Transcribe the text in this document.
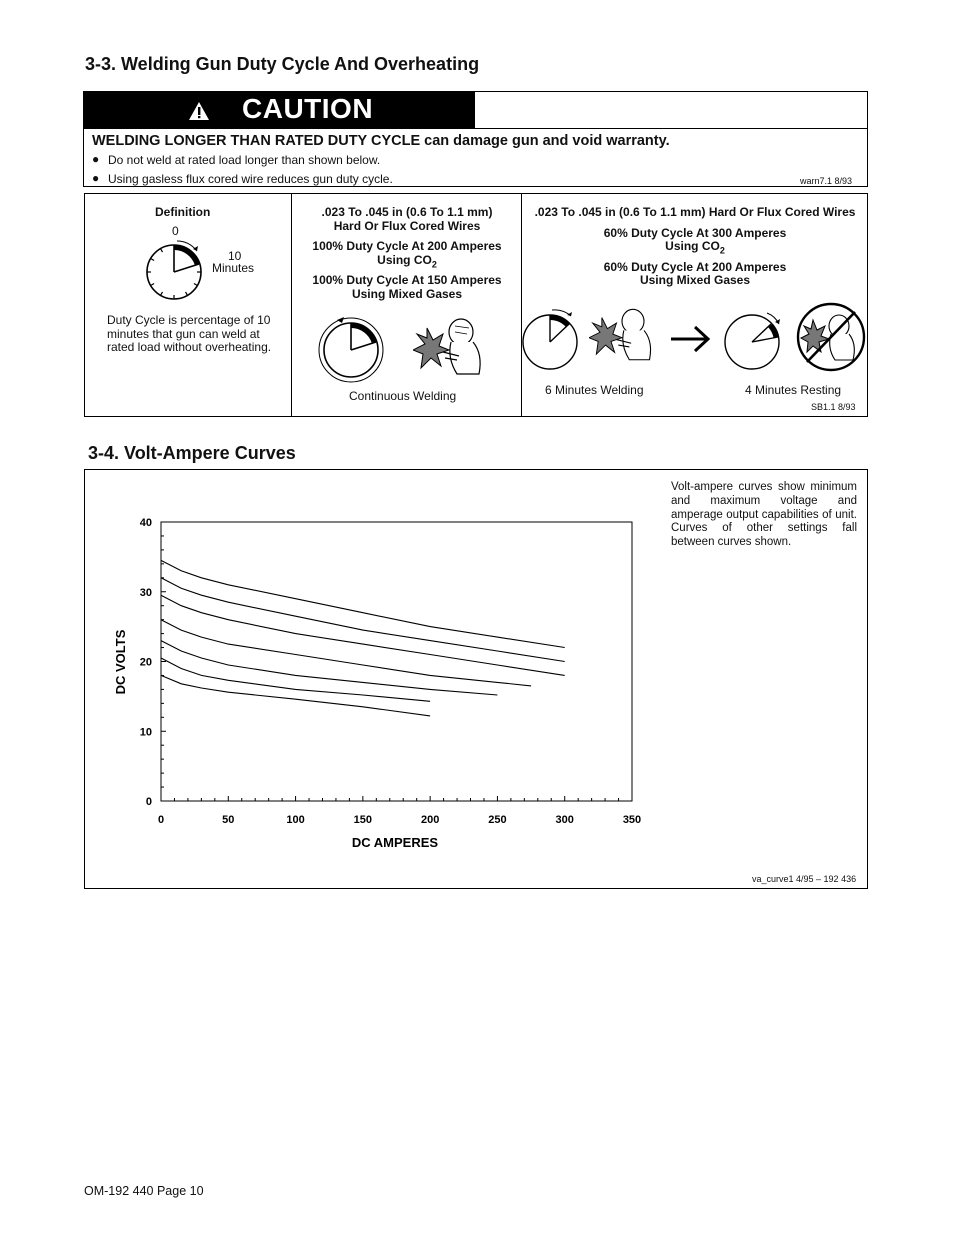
3-3. Welding Gun Duty Cycle And Overheating
CAUTION
WELDING LONGER THAN RATED DUTY CYCLE can damage gun and void warranty.
● Do not weld at rated load longer than shown below.
● Using gasless flux cored wire reduces gun duty cycle.	warn7.1 8/93
Definition
0
10
Minutes
Duty Cycle is percentage of 10
minutes that gun can weld at
rated load without overheating.
.023 To .045 in (0.6 To 1.1 mm)
Hard Or Flux Cored Wires
100% Duty Cycle At 200 Amperes
Using $CO_2$
100% Duty Cycle At 150 Amperes
Using Mixed Gases
Continuous Welding
.023 To .045 in (0.6 To 1.1 mm) Hard Or Flux Cored Wires
60% Duty Cycle At 300 Amperes
Using $CO_2$
60% Duty Cycle At 200 Amperes
Using Mixed Gases
6 Minutes Welding	4 Minutes Resting
SB1.1 8/93
3-4. Volt-Ampere Curves
Volt-ampere curves show minimum and maximum voltage and amperage output capabilities of unit. Curves of other settings fall between curves shown.
va_curve1 4/95 – 192 436
0	50	100	150	200	250	300	350
0
10
20
30
40
DC AMPERES
DC VOLTS
OM-192 440 Page 10
